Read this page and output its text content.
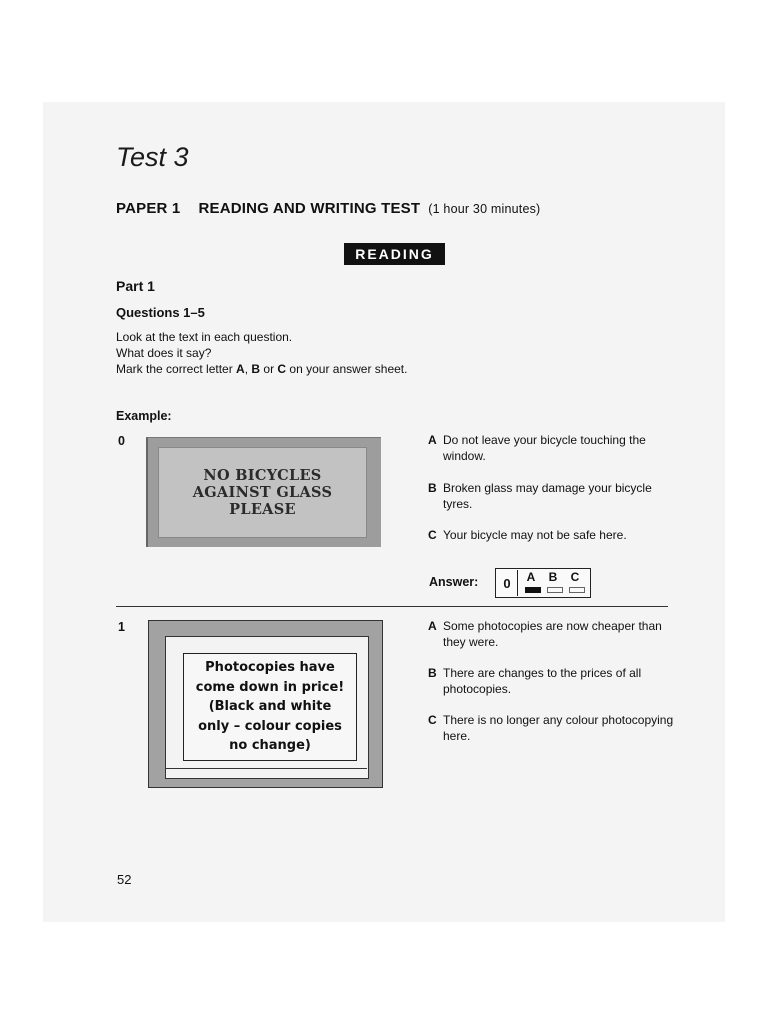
Test 3
PAPER 1 READING AND WRITING TEST (1 hour 30 minutes)
READING
Part 1
Questions 1–5
Look at the text in each question.
What does it say?
Mark the correct letter A, B or C on your answer sheet.
Example:
0
NO BICYCLES
AGAINST GLASS
PLEASE
A Do not leave your bicycle touching the window.
B Broken glass may damage your bicycle tyres.
C Your bicycle may not be safe here.
Answer:	0	A B C
1
Photocopies have
come down in price!
(Black and white
only – colour copies
no change)
A Some photocopies are now cheaper than they were.
B There are changes to the prices of all photocopies.
C There is no longer any colour photocopying here.
52
